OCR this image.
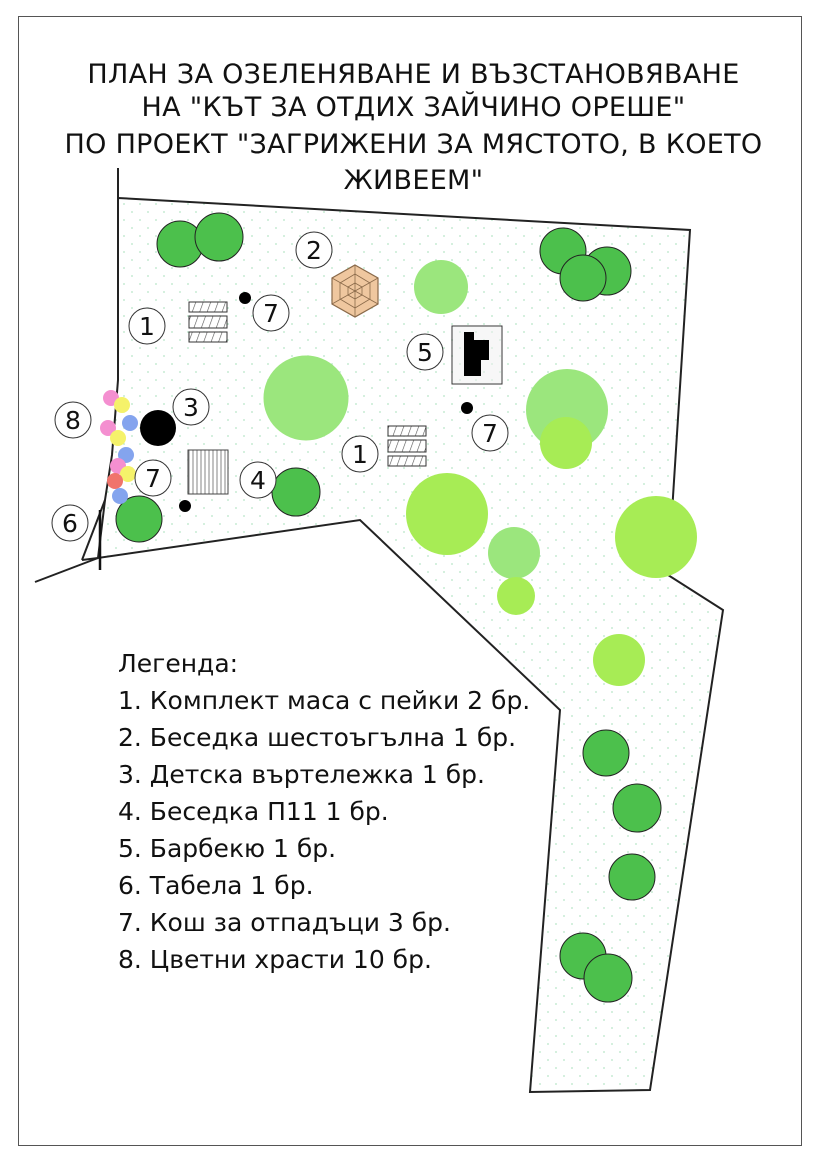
ПЛАН ЗА ОЗЕЛЕНЯВАНЕ И ВЪЗСТАНОВЯВАНЕ
НА "КЪТ ЗА ОТДИХ ЗАЙЧИНО ОРЕШЕ"
ПО ПРОЕКТ "ЗАГРИЖЕНИ ЗА МЯСТОТО, В КОЕТО
ЖИВЕЕМ"
1
2
7
5
3
8	7
1
7	4
6
Легенда:
1. Комплект маса с пейки 2 бр.
2. Беседка шестоъгълна 1 бр.
3. Детска въртележка 1 бр.
4. Беседка П11 1 бр.
5. Барбекю 1 бр.
6. Табела 1 бр.
7. Кош за отпадъци 3 бр.
8. Цветни храсти 10 бр.
